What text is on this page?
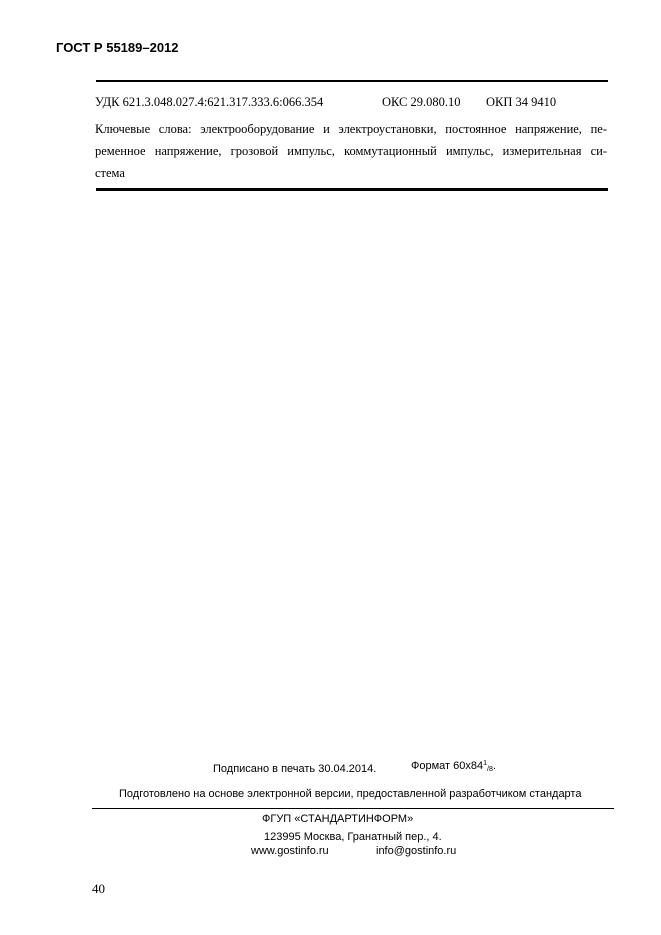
ГОСТ Р 55189–2012
УДК 621.3.048.027.4:621.317.333.6:066.354	ОКС 29.080.10 ОКП 34 9410
Ключевые слова: электрооборудование и электроустановки, постоянное напряжение, пе-
ременное напряжение, грозовой импульс, коммутационный импульс, измерительная си-
стема
Подписано в печать 30.04.2014.	Формат $60x84^1_{/8}$.
Подготовлено на основе электронной версии, предоставленной разработчиком стандарта
ФГУП «СТАНДАРТИНФОРМ»
123995 Москва, Гранатный пер., 4.
www.gostinfo.ru	info@gostinfo.ru
40
